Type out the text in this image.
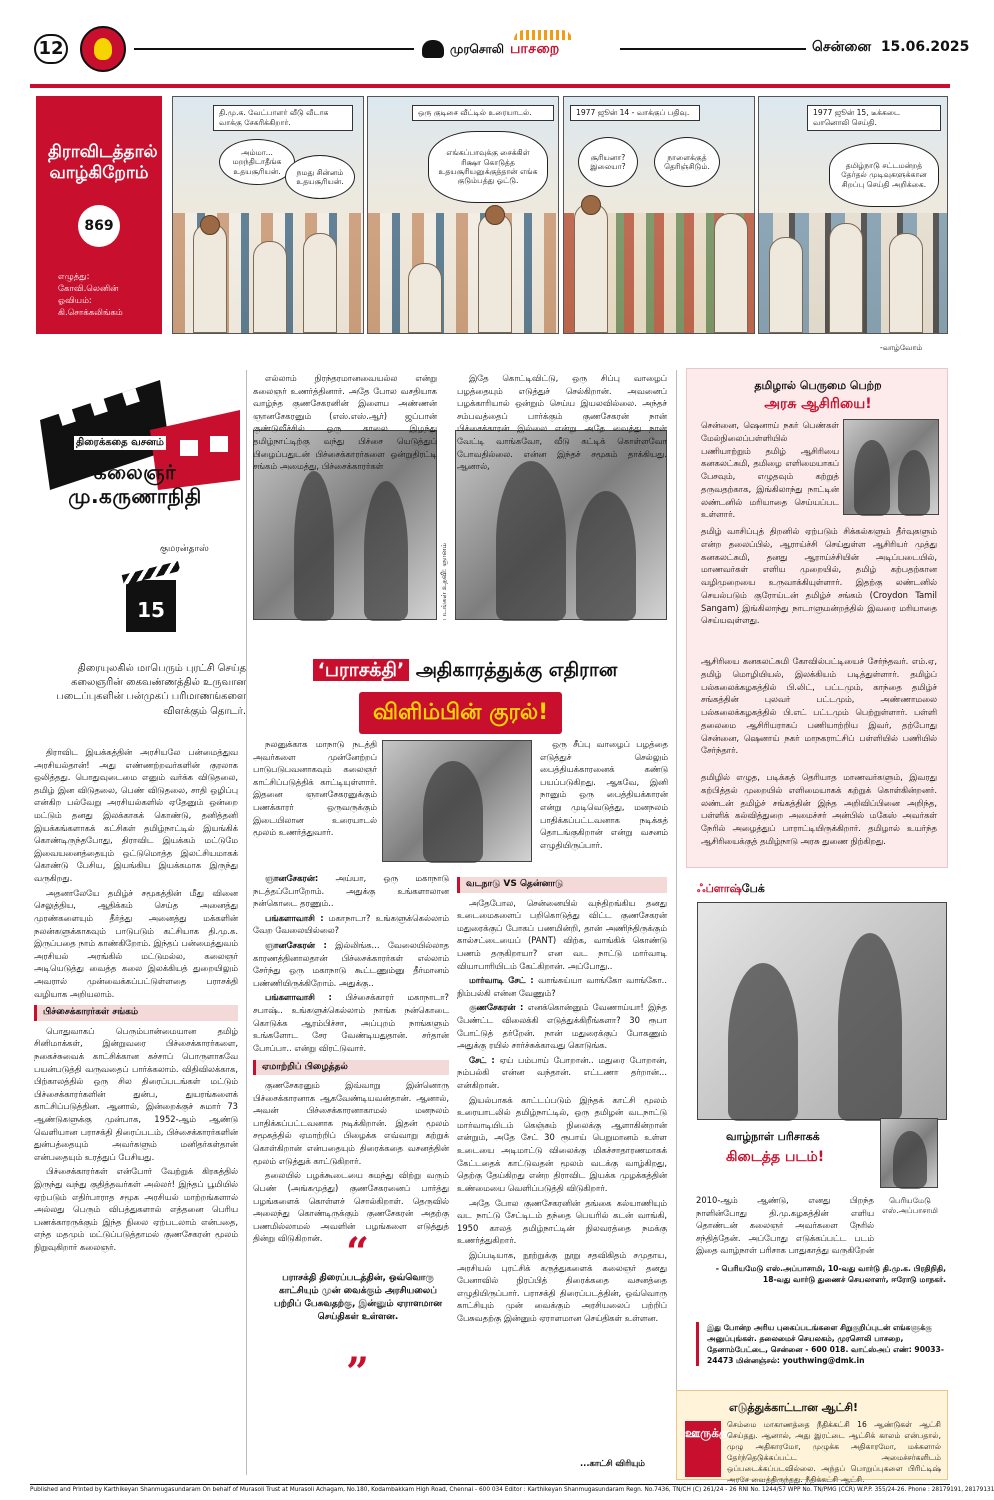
12	முரசொலி பாசறை	சென்னை 15.06.2025
திராவிடத்தால் வாழ்கிறோம்
869
எழுத்து:
கோவி.லெனின்
ஓவியம்:
கி.சொக்கலிங்கம்
தி.மு.க. வேட்பாளர் வீடு வீடாக வாக்கு சேகரிக்கிறார்.
அம்மா... மறந்திடாதீங்க உதயசூரியன்.	நமது சின்னம் உதயசூரியன்.
ஒரு குடிசை வீட்டில் உரையாடல்.
எங்கப்பாவுக்கு சைக்கிள் ரிக்ஷா கொடுத்த உதயசூரியனுக்குத்தான் எங்க குடும்பத்து ஓட்டு.
1977 ஜூன் 14 - வாக்குப் பதிவு.
சூரியனா? இலையா?
நாளைக்குத் தெரிஞ்சிடும்.
1977 ஜூன் 15, டீக்கடை வானொலி செய்தி.
தமிழ்நாடு சட்டமன்றத் தேர்தல் முடிவுகளுக்கான சிறப்பு செய்தி அறிக்கை.
-வாழ்வோம்
திரைக்கதை வசனம்
கலைஞர் மு.கருணாநிதி
குமரன்தாஸ்
15
திரையுலகில் மாபெரும் புரட்சி செய்த கலைஞரின் கைவண்ணத்தில் உருவான படைப்புகளின் பன்முகப் பரிமாணங்களை விளக்கும் தொடர்.
படங்கள் உதவி: ஞானம்
‘பராசக்தி’ அதிகாரத்துக்கு எதிரான
விளிம்பின் குரல்!

திராவிட இயக்கத்தின் அரசியலே பன்மைத்துவ அரசியல்தான்! அது எண்ணற்றவர்களின் குரலாக ஒலித்தது. பொதுவுடைமை எனும் வர்க்க விடுதலை, தமிழ் இன விடுதலை, பெண் விடுதலை, சாதி ஒழிப்பு என்கிற பல்வேறு அரசியல்களில் ஏதேனும் ஒன்றை மட்டும் தனது இலக்காகக் கொண்டு, தனித்தனி இயக்கங்களாகக் கட்சிகள் தமிழ்நாட்டில் இயங்கிக் கொண்டிருந்தபோது, திராவிட இயக்கம் மட்டுமே இவையனைத்தையும் ஒட்டுமொத்த இலட்சியமாகக் கொண்டு பேசிய, இயங்கிய இயக்கமாக இருந்து வருகிறது.

அதனாலேயே தமிழ்ச் சமூகத்தின் மீது வினை செலுத்திய, ஆதிக்கம் செய்த அனைத்து முரண்களையும் தீர்த்து அனைத்து மக்களின் நலன்களுக்காகவும் பாடுபடும் கட்சியாக தி.மு.க. இருப்பதை நாம் காண்கிறோம். இந்தப் பன்மைத்துவம் அரசியல் அரங்கில் மட்டுமல்ல, கலைஞர் அடியெடுத்து வைத்த கலை இலக்கியத் துறையிலும் அவரால் முன்வைக்கப்பட்டுள்ளதை பராசக்தி வழியாக அறியலாம்.

பிச்சைக்காரர்கள் சங்கம்

பொதுவாகப் பெரும்பான்மையான தமிழ் சினிமாக்கள், இன்றுவரை பிச்சைக்காரர்களை, நகைச்சுவைக் காட்சிக்கான கச்சாப் பொருளாகவே பயன்படுத்தி வருவதைப் பார்க்கலாம். விதிவிலக்காக, பிற்காலத்தில் ஒரு சில திரைப்படங்கள் மட்டும் பிச்சைக்காரர்களின் துன்ப, துயரங்களைக் காட்சிப்படுத்தின. ஆனால், இன்றைக்குச் சுமார் 73 ஆண்டுகளுக்கு முன்பாக, 1952-ஆம் ஆண்டு வெளியான பராசக்தி திரைப்படம், பிச்சைக்காரர்களின் துன்பத்தையும் அவர்களும் மனிதர்கள்தான் என்பதையும் உரத்துப் பேசியது.

பிச்சைக்காரர்கள் என்போர் வேற்றுக் கிரகத்தில் இருந்து வந்து குதித்தவர்கள் அல்லர்! இந்தப் பூமியில் ஏற்படும் எதிர்பாராத சமூக அரசியல் மாற்றங்களால் அல்லது பெரும் விபத்துகளால் எத்தனை பெரிய பணக்காரருக்கும் இந்த நிலை ஏற்படலாம் என்பதை, எந்த மதமும் மட்டுப்படுத்தாமல் குணசேகரன் மூலம் நிறுவுகிறார் கலைஞர்.

எல்லாம் நிரந்தரமானவையல்ல என்று கலைஞர் உணர்த்தினார். அதே போல வசதியாக வாழ்ந்த குணசேகரனின் இளைய அண்ணன் ஞானசேகரனும் (எஸ்.எஸ்.ஆர்) ஜப்பான் குண்டுவீச்சில் ஒரு காலை இழந்து தமிழ்நாட்டிற்கு வந்து பிச்சை யெடுத்துப் பிழைப்பதுடன் பிச்சைக்காரர்களை ஒன்றுதிரட்டி சங்கம் அமைத்து, பிச்சைக்காரர்கள்

நலனுக்காக மாநாடு நடத்தி அவர்களை முன்னேற்றப் பாடுபடுபவனாகவும் கலைஞர் காட்சிப்படுத்திக் காட்டியுள்ளார். இதனை ஞானசேகரனுக்கும் பணக்காரர் ஒருவருக்கும் இடையிலான உரையாடல் மூலம் உணர்த்துவார்.

ஞானசேகரன்: அய்யா, ஒரு மகாநாடு நடத்தப்போறோம். அதுக்கு உங்களாலான நன்கொடை தரணும்..

பங்களாவாசி : மகாநாடா? உங்களுக்கெல்லாம் வேற வேலையில்லை?

ஞானசேகரன் : இல்லிங்க... வேலையில்லாத காரணத்தினாலதான் பிச்சைக்காரர்கள் எல்லாம் சேர்ந்து ஒரு மகாநாடு கூட்டணும்னு தீர்மானம் பண்ணியிருக்கிறோம். அதுக்கு..

பங்களாவாசி : பிச்சைக்காரர் மகாநாடா? சபாஷ்.. உங்களுக்கெல்லாம் நாங்க நன்கொடை கொடுக்க ஆரம்பிச்சா, அப்புறம் நாங்களும் உங்களோட சேர வேண்டியதுதான். சர்தான் போப்பா.. என்று விரட்டுவார்.

ஏமாற்றிப் பிழைத்தல்

குணசேகரனும் இவ்வாறு இன்னொரு பிச்சைக்காரனாக ஆகவேண்டியவன்தான். ஆனால், அவன் பிச்சைக்காரனாகாமல் மனநலம் பாதிக்கப்பட்டவனாக நடிக்கிறான். இதன் மூலம் சமூகத்தில் ஏமாற்றிப் பிழைக்க எவ்வாறு கற்றுக் கொள்கிறான் என்பதையும் திரைக்கதை வசனத்தின் மூலம் எடுத்துக் காட்டுகிறார்.

தலையில் பழக்கூடையை சுமந்து விற்று வரும் பெண் (அங்கமுத்து) குணசேகரனைப் பார்த்து பழங்களைக் கொள்ளச் சொல்கிறாள். தெருவில் அலைந்து கொண்டிருக்கும் குணசேகரன் அதற்கு பணமில்லாமல் அவளின் பழங்களை எடுத்துத் தின்று விடுகிறான். “
பராசக்தி திரைப்படத்தின், ஒவ்வொரு காட்சியும் முன் வைக்கும் அரசியலைப் பற்றிப் பேசுவதற்கு, இன்னும் ஏராளமான செய்திகள் உள்ளன.
”

இதே கொட்டிவிட்டு, ஒரு சிப்பு வாழைப் பழத்தையும் எடுத்துச் செல்கிறான். அவனைப் பழக்காரியால் ஒன்றும் செய்ய இயலவில்லை. அந்தச் சம்பவத்தைப் பார்க்கும் குணசேகரன் நான் பிச்சைக்காரன் இல்லை என்று அதே வைத்து நான் வேட்டி வாங்கவோ, வீடு கட்டிக் கொள்ளவோ போவதில்லை. என்ன இந்தச் சமூகம் தாக்கியது. ஆனால்,

ஒரு சீப்பு வாழைப் பழத்தை எடுத்துச் செல்லும் பைத்தியக்காரனைக் கண்டு பயப்படுகிறது. ஆகவே, இனி நானும் ஒரு பைத்தியக்காரன் என்று முடிவெடுத்து, மனநலம் பாதிக்கப்பட்டவனாக நடிக்கத் தொடங்குகிறான் என்று வசனம் எழுதியிருப்பார்.

வடநாடு VS தென்னாடு

அதேபோல, சென்னையில் வந்திறங்கிய தனது உடைமைகளைப் பறிகொடுத்து விட்ட குணசேகரன் மதுரைக்குப் போகப் பணமின்றி, தான் அணிந்திருக்கும் கால்சட்டையைப் (PANT) விற்க, வாங்கிக் கொண்டு பணம் தருகிறாயா? என வட நாட்டு மார்வாடி வியாபாரியிடம் கேட்கிறான். அப்போது..

மார்வாடி சேட் : வாங்கய்யா வாங்கோ வாங்கோ.. நிம்பல்கி என்ன வேணும்?

குணசேகரன் : எனக்கொன்னும் வேணாய்யா! இந்த பேண்ட்ட விலைக்கி எடுத்துக்கிறீங்களா? 30 ரூபா போட்டுத் தர்றேன். நான் மதுரைக்குப் போகணும் அதுக்கு ரயில் சார்ச்சுக்காவது கொடுங்க.

சேட் : ஏய் பம்பாய் போறான்.. மதுரை போறான், நம்பல்கி என்ன வந்தான். எட்டணா தர்றான்... என்கிறான்.

இயல்பாகக் காட்டப்படும் இந்தக் காட்சி மூலம் உரையாடலில் தமிழ்நாட்டில், ஒரு தமிழன் வடநாட்டு மார்வாடியிடம் கெஞ்சும் நிலைக்கு ஆளாகின்றான் என்றும், அதே சேட் 30 ரூபாய் பெறுமானம் உள்ள உடையை அடிமாட்டு விலைக்கு மிகச்சாதாரணமாகக் கேட்டதைக் காட்டுவதன் மூலம் வடக்கு வாழ்கிறது, தெற்கு தேய்கிறது என்ற திராவிட இயக்க முழக்கத்தின் உண்மையை வெளிப்படுத்தி விடுகிறார்.

அதே போல குணசேகரனின் தங்கை கல்யாணியும் வட நாட்டு சேட்டிடம் தந்தை பெயரில் கடன் வாங்கி, 1950 காலத் தமிழ்நாட்டின் நிலவரத்தை நமக்கு உணர்த்துகிறார்.

இப்படியாக, நூற்றுக்கு நூறு சதவிகிதம் சமுதாய, அரசியல் புரட்சிக் கருத்துகளைக் கலைஞர் தனது பேனாவில் நிரப்பித் திரைக்கதை வசனத்தை எழுதியிருப்பார். பராசக்தி திரைப்படத்தின், ஒவ்வொரு காட்சியும் முன் வைக்கும் அரசியலைப் பற்றிப் பேசுவதற்கு இன்னும் ஏராளமான செய்திகள் உள்ளன.

...காட்சி விரியும்
தமிழால் பெருமை பெற்ற
அரசு ஆசிரியை!
சென்னை, ஷெனாய் நகர் பெண்கள் மேல்நிலைப்பள்ளியில் பணியாற்றும் தமிழ் ஆசிரியை கனகலட்சுமி, தமிழை எளிமையாகப் பேசவும், எழுதவும் கற்றுத் தருவதற்காக, இங்கிலாந்து நாட்டின் லண்டனில் மரியாதை செய்யப்பட உள்ளார்.
தமிழ் வாசிப்புத் திறனில் ஏற்படும் சிக்கல்களும் தீர்வுகளும் என்ற தலைப்பில், ஆராய்ச்சி செய்துள்ள ஆசிரியர் முத்து கனகலட்சுமி, தனது ஆராய்ச்சியின் அடிப்படையில், மாணவர்கள் எளிய முறையில், தமிழ் கற்பதற்கான வழிமுறையை உருவாக்கியுள்ளார். இதற்கு லண்டனில் செயல்படும் குரோய்டன் தமிழ்ச் சங்கம் (Croydon Tamil Sangam) இங்கிலாந்து நாடாளுமன்றத்தில் இவரை மரியாதை செய்யவுள்ளது.
ஆசிரியை கனகலட்சுமி கோவில்பட்டியைச் சேர்ந்தவர். எம்.ஏ, தமிழ் மொழியியல், இலக்கியம் படித்துள்ளார். தமிழ்ப் பல்கலைக்கழகத்தில் பி.லிட், பட்டமும், காந்தை தமிழ்ச் சங்கத்தின் புலவர் பட்டமும், அண்ணாமலை பல்கலைக்கழகத்தில் பி.எட் பட்டமும் பெற்றுள்ளார். பள்ளி தலைமை ஆசிரியராகப் பணியாற்றிய இவர், தற்போது சென்னை, ஷெனாய் நகர் மாநகராட்சிப் பள்ளியில் பணியில் சேர்ந்தார்.
தமிழில் எழுத, படிக்கத் தெரியாத மாணவர்களும், இவரது கற்பித்தல் முறையில் எளிமையாகக் கற்றுக் கொள்கின்றனர். லண்டன் தமிழ்ச் சங்கத்தின் இந்த அறிவிப்பினை அறிந்த, பள்ளிக் கல்வித்துறை அமைச்சர் அன்பில் மகேஸ் அவர்கள் நேரில் அழைத்துப் பாராட்டியிருக்கிறார். தமிழால் உயர்ந்த ஆசிரியைக்குத் தமிழ்நாடு அரசு துணை நிற்கிறது.
ஃப்ளாஷ்பேக்
வாழ்நாள் பரிசாகக்
கிடைத்த படம்!
பெரியமேடு
எஸ்.அப்பாசாமி
2010-ஆம் ஆண்டு, எனது பிறந்த நாளின்போது தி.மு.கழகத்தின் எளிய தொண்டன் கலைஞர் அவர்களை நேரில் சந்தித்தேன். அப்போது எடுக்கப்பட்ட படம் இதை வாழ்நாள் பரிசாக பாதுகாத்து வருகிறேன்
- பெரியமேடு எஸ்.அப்பாசாமி, 10-வது வார்டு தி.மு.க. பிரதிநிதி, 18-வது வார்டு துணைச் செயலாளர், ஈரோடு மாநகர்.
இது போன்ற அரிய புகைப்படங்களை சிறுகுறிப்புடன் எங்களுக்கு அனுப்புங்கள். தலைமைச் செயலகம், முரசொலி பாசறை, தேனாம்பேட்டை, சென்னை - 600 018. வாட்ஸ்அப் எண்: 90033-24473 மின்னஞ்சல்: youthwing@dmk.in
ஊருக்கு
எடுத்துக்காட்டான ஆட்சி!
செம்மை மாகாணத்தை நீதிக்கட்சி 16 ஆண்டுகள் ஆட்சி செய்தது. ஆனால், அது இரட்டை ஆட்சிக் காலம் என்பதால், முழு அதிகாரமோ, முழுக்க அதிகாரமோ, மக்களால் தேர்ந்தெடுக்கப்பட்ட அமைச்சர்களிடம் ஒப்படைக்கப்படவில்லை. அந்தப் பொறுப்புகளை பிரிட்டிஷ் அரசே வைத்திருந்தது. நீதிக்கட்சி ஆட்சி.
Published and Printed by Karthikeyan Shanmugasundaram On behalf of Murasoli Trust at Murasoli Achagam, No.180, Kodambakkam High Road, Chennai - 600 034 Editor : Karthikeyan Shanmugasundaram Regn. No.7436, TN/CH (C) 261/24 - 26 RNI No. 1244/57 WPP No. TN/PMG (CCR) W.P.P. 355/24-26. Phone : 28179191, 28179131
